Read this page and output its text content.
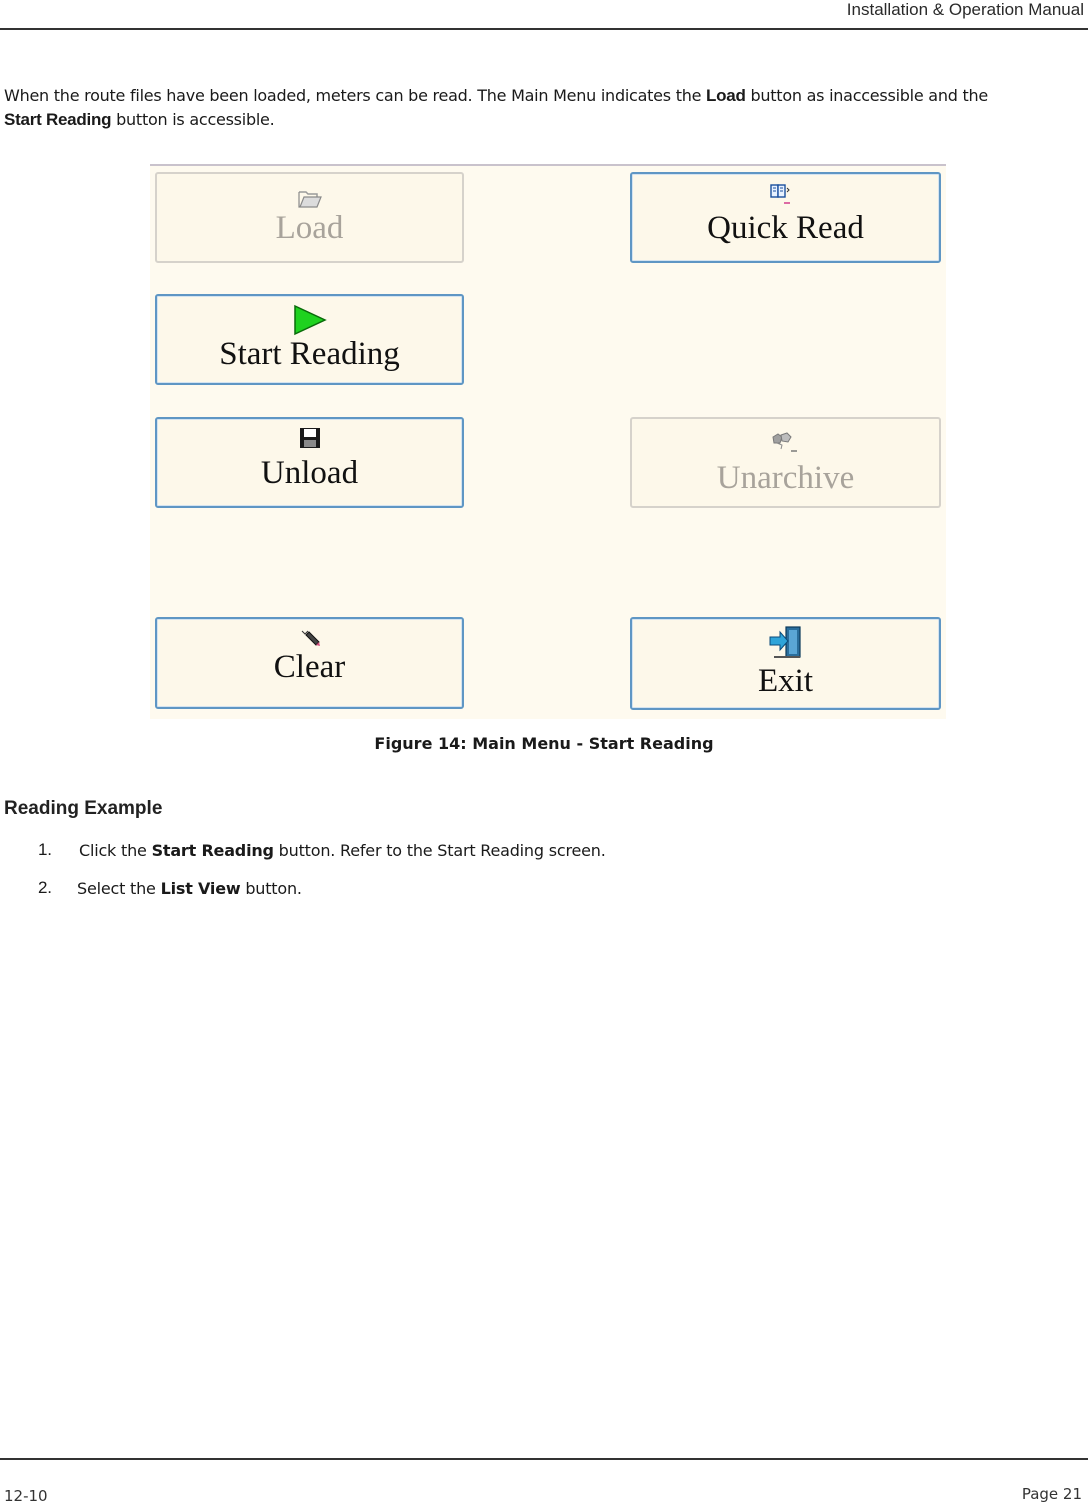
Installation & Operation Manual
When the route files have been loaded, meters can be read. The Main Menu indicates the Load button as inaccessible and the
Start Reading button is accessible.
Load	Quick Read
Start Reading
Unload	Unarchive
Clear	Exit
Figure 14: Main Menu - Start Reading
Reading Example
1. Click the Start Reading button. Refer to the Start Reading screen.
2. Select the List View button.
12-10	Page 21
